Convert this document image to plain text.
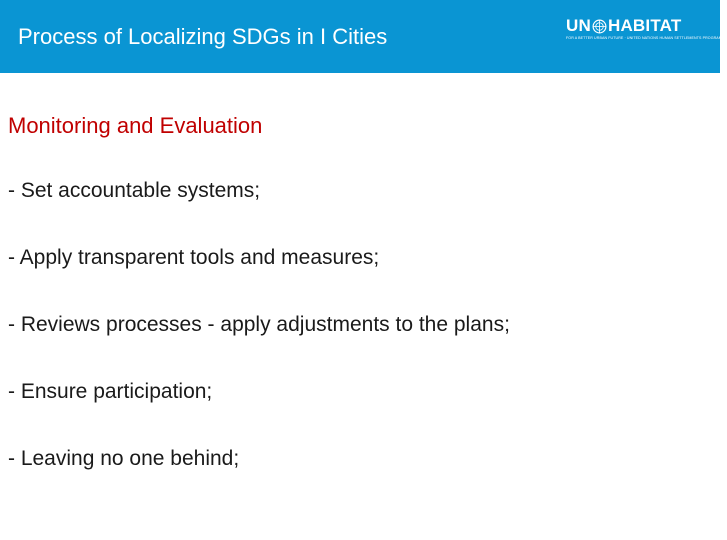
Process of Localizing SDGs in I Cities	UN HABITAT
FOR A BETTER URBAN FUTURE · UNITED NATIONS HUMAN SETTLEMENTS PROGRAMME
Monitoring and Evaluation
- Set accountable systems;
- Apply transparent tools and measures;
- Reviews processes - apply adjustments to the plans;
- Ensure participation;
- Leaving no one behind;
